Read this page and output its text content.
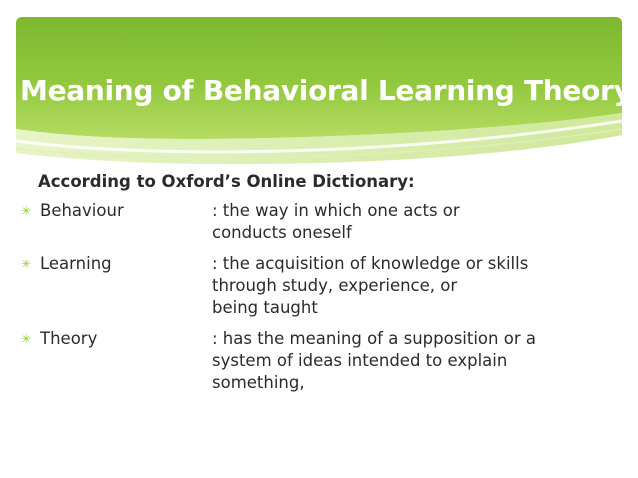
Meaning of Behavioral Learning Theory

According to Oxford’s Online Dictionary:

✳ Behaviour	: the way in which one acts or
conducts oneself
✳ Learning	: the acquisition of knowledge or skills
through study, experience, or
being taught
✳ Theory	: has the meaning of a supposition or a
system of ideas intended to explain
something,
